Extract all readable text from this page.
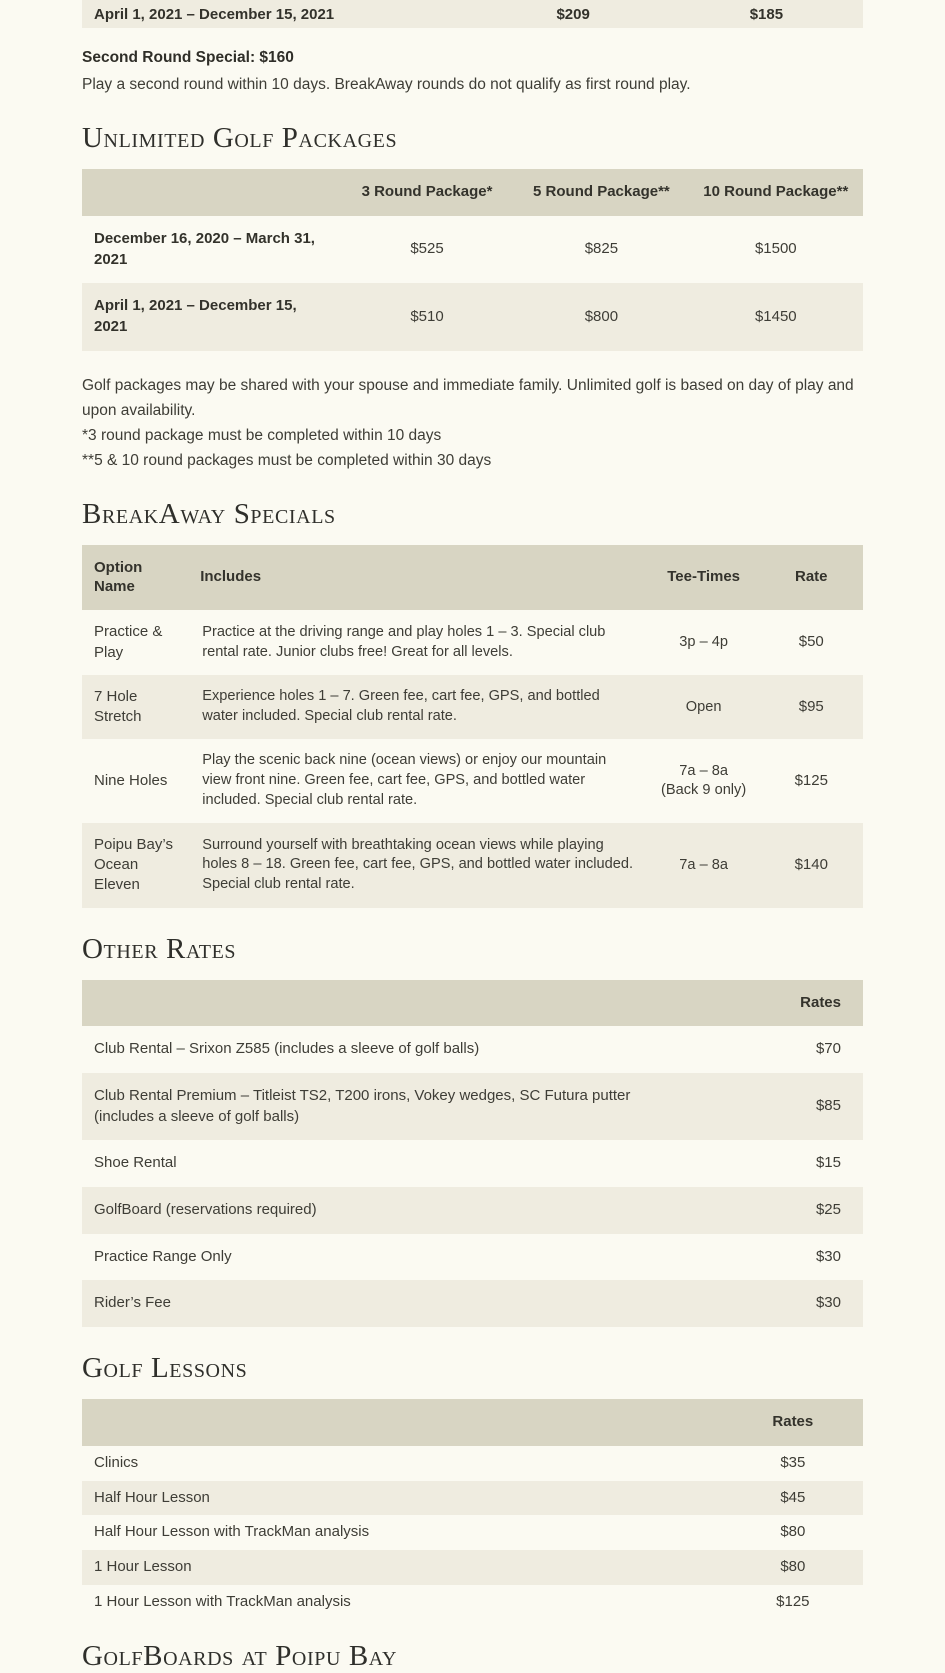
April 1, 2021 – December 15, 2021	$209	$185

Second Round Special: $160

Play a second round within 10 days. BreakAway rounds do not qualify as first round play.

Unlimited Golf Packages
	3 Round Package*	5 Round Package**	10 Round Package**
December 16, 2020 – March 31, 2021	$525	$825	$1500
April 1, 2021 – December 15, 2021	$510	$800	$1450

Golf packages may be shared with your spouse and immediate family. Unlimited golf is based on day of play and upon availability.

*3 round package must be completed within 10 days

**5 & 10 round packages must be completed within 30 days

BreakAway Specials
Option Name	Includes	Tee-Times	Rate
Practice & Play	Practice at the driving range and play holes 1 – 3. Special club rental rate. Junior clubs free! Great for all levels.	3p – 4p	$50
7 Hole Stretch	Experience holes 1 – 7. Green fee, cart fee, GPS, and bottled water included. Special club rental rate.	Open	$95
Nine Holes	Play the scenic back nine (ocean views) or enjoy our mountain view front nine. Green fee, cart fee, GPS, and bottled water included. Special club rental rate.	7a – 8a (Back 9 only)	$125
Poipu Bay’s Ocean Eleven	Surround yourself with breathtaking ocean views while playing holes 8 – 18. Green fee, cart fee, GPS, and bottled water included. Special club rental rate.	7a – 8a	$140
Other Rates
	Rates
Club Rental – Srixon Z585 (includes a sleeve of golf balls)	$70
Club Rental Premium – Titleist TS2, T200 irons, Vokey wedges, SC Futura putter (includes a sleeve of golf balls)	$85
Shoe Rental	$15
GolfBoard (reservations required)	$25
Practice Range Only	$30
Rider’s Fee	$30
Golf Lessons
	Rates
Clinics	$35
Half Hour Lesson	$45
Half Hour Lesson with TrackMan analysis	$80
1 Hour Lesson	$80
1 Hour Lesson with TrackMan analysis	$125
GolfBoards at Poipu Bay
